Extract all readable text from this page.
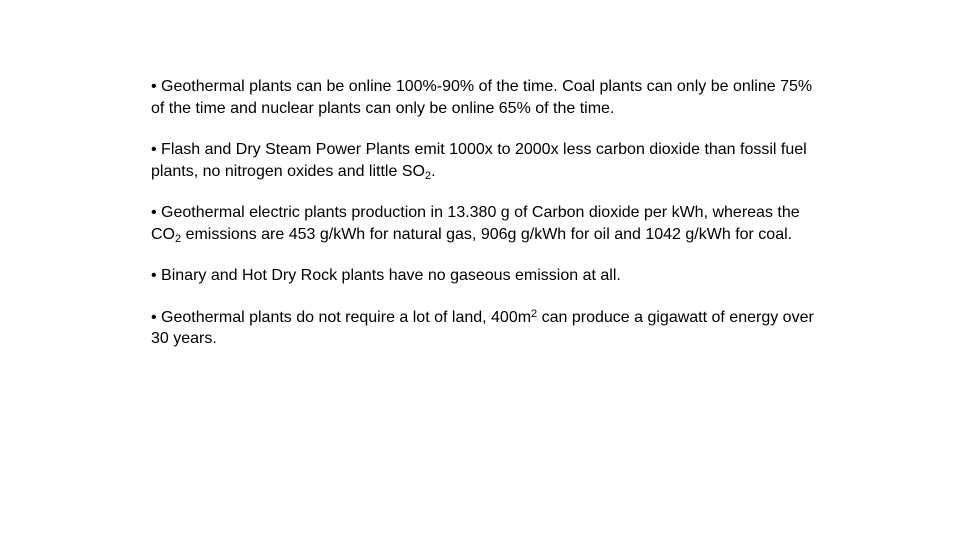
• Geothermal plants can be online 100%-90% of the time. Coal plants can only be online 75% of the time and nuclear plants can only be online 65% of the time.

• Flash and Dry Steam Power Plants emit 1000x to 2000x less carbon dioxide than fossil fuel plants, no nitrogen oxides and little $SO_2$.

• Geothermal electric plants production in 13.380 g of Carbon dioxide per kWh, whereas the $CO_2$ emissions are 453 g/kWh for natural gas, 906g g/kWh for oil and 1042 g/kWh for coal.

• Binary and Hot Dry Rock plants have no gaseous emission at all.

• Geothermal plants do not require a lot of land, $400m^2$ can produce a gigawatt of energy over 30 years.
